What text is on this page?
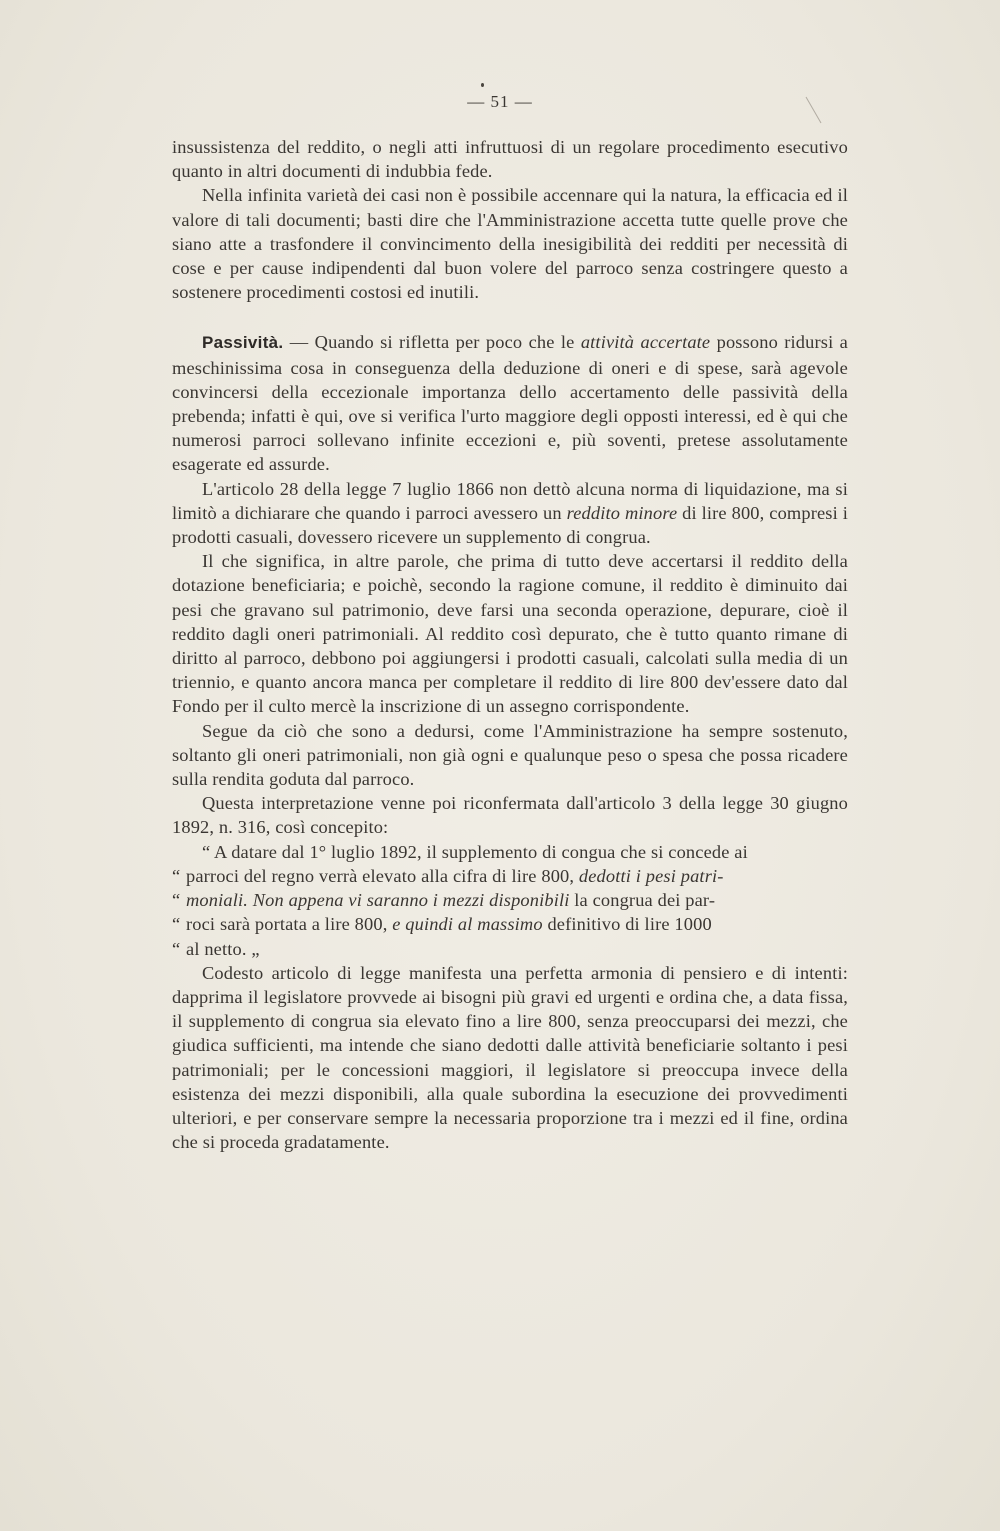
— 51 —

insussistenza del reddito, o negli atti infruttuosi di un regolare procedimento esecutivo quanto in altri documenti di indubbia fede.

Nella infinita varietà dei casi non è possibile accennare qui la natura, la efficacia ed il valore di tali documenti; basti dire che l'Amministrazione accetta tutte quelle prove che siano atte a trasfondere il convincimento della inesigibilità dei redditi per necessità di cose e per cause indipendenti dal buon volere del parroco senza costringere questo a sostenere procedimenti costosi ed inutili.

Passività. — Quando si rifletta per poco che le attività accertate possono ridursi a meschinissima cosa in conseguenza della deduzione di oneri e di spese, sarà agevole convincersi della eccezionale importanza dello accertamento delle passività della prebenda; infatti è qui, ove si verifica l'urto maggiore degli opposti interessi, ed è qui che numerosi parroci sollevano infinite eccezioni e, più soventi, pretese assolutamente esagerate ed assurde.

L'articolo 28 della legge 7 luglio 1866 non dettò alcuna norma di liquidazione, ma si limitò a dichiarare che quando i parroci avessero un reddito minore di lire 800, compresi i prodotti casuali, dovessero ricevere un supplemento di congrua.

Il che significa, in altre parole, che prima di tutto deve accertarsi il reddito della dotazione beneficiaria; e poichè, secondo la ragione comune, il reddito è diminuito dai pesi che gravano sul patrimonio, deve farsi una seconda operazione, depurare, cioè il reddito dagli oneri patrimoniali. Al reddito così depurato, che è tutto quanto rimane di diritto al parroco, debbono poi aggiungersi i prodotti casuali, calcolati sulla media di un triennio, e quanto ancora manca per completare il reddito di lire 800 dev'essere dato dal Fondo per il culto mercè la inscrizione di un assegno corrispondente.

Segue da ciò che sono a dedursi, come l'Amministrazione ha sempre sostenuto, soltanto gli oneri patrimoniali, non già ogni e qualunque peso o spesa che possa ricadere sulla rendita goduta dal parroco.

Questa interpretazione venne poi riconfermata dall'articolo 3 della legge 30 giugno 1892, n. 316, così concepito:

“ A datare dal 1° luglio 1892, il supplemento di congua che si concede ai

“ parroci del regno verrà elevato alla cifra di lire 800, dedotti i pesi patri-

“ moniali. Non appena vi saranno i mezzi disponibili la congrua dei par-

“ roci sarà portata a lire 800, e quindi al massimo definitivo di lire 1000

“ al netto. „

Codesto articolo di legge manifesta una perfetta armonia di pensiero e di intenti: dapprima il legislatore provvede ai bisogni più gravi ed urgenti e ordina che, a data fissa, il supplemento di congrua sia elevato fino a lire 800, senza preoccuparsi dei mezzi, che giudica sufficienti, ma intende che siano dedotti dalle attività beneficiarie soltanto i pesi patrimoniali; per le concessioni maggiori, il legislatore si preoccupa invece della esistenza dei mezzi disponibili, alla quale subordina la esecuzione dei provvedimenti ulteriori, e per conservare sempre la necessaria proporzione tra i mezzi ed il fine, ordina che si proceda gradatamente.
